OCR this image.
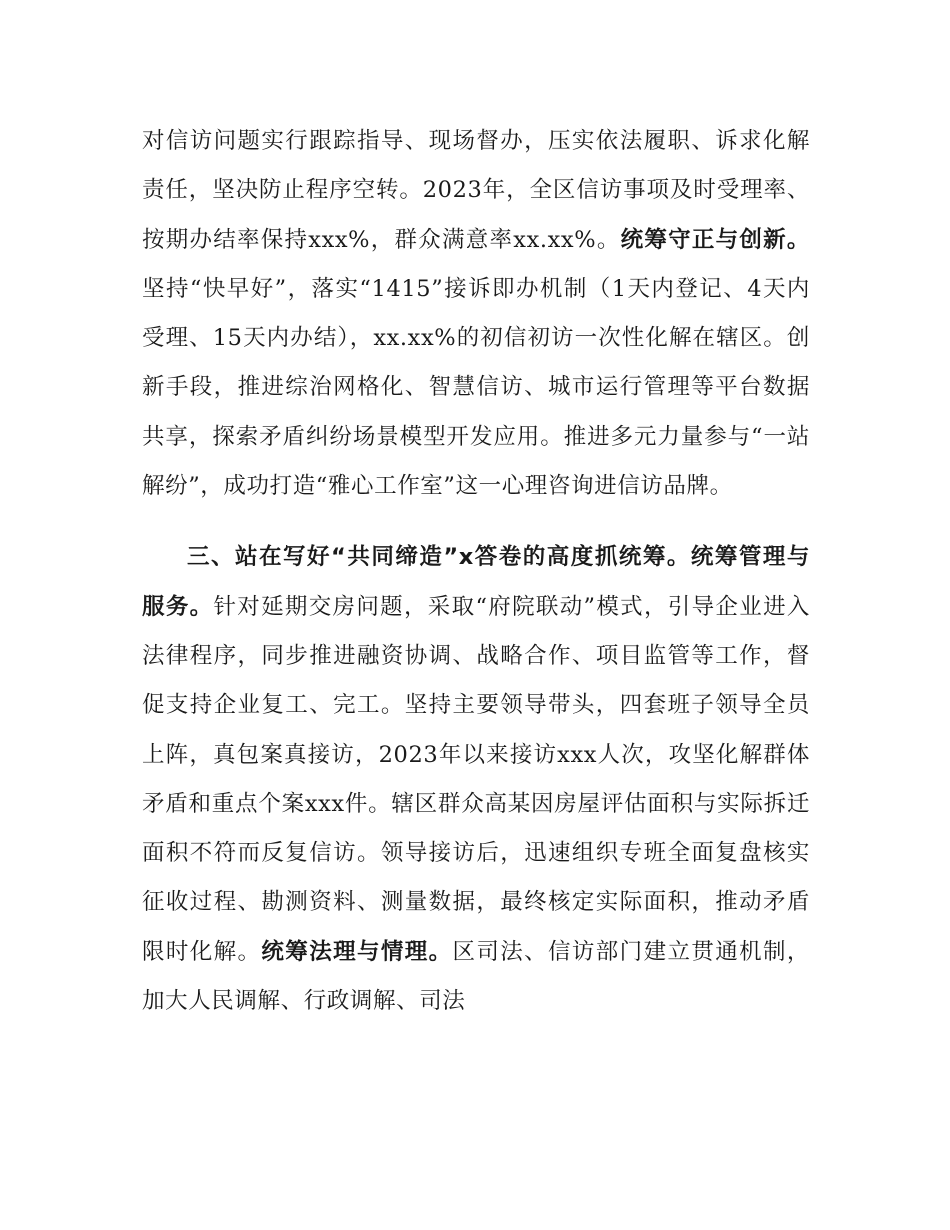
对信访问题实行跟踪指导、现场督办，压实依法履职、诉求化解责任，坚决防止程序空转。2023年，全区信访事项及时受理率、按期办结率保持xxx%，群众满意率xx.xx%。统筹守正与创新。坚持“快早好”，落实“1415”接诉即办机制（1天内登记、4天内受理、15天内办结），xx.xx%的初信初访一次性化解在辖区。创新手段，推进综治网格化、智慧信访、城市运行管理等平台数据共享，探索矛盾纠纷场景模型开发应用。推进多元力量参与“一站解纷”，成功打造“雅心工作室”这一心理咨询进信访品牌。

三、站在写好“共同缔造”x答卷的高度抓统筹。统筹管理与服务。针对延期交房问题，采取“府院联动”模式，引导企业进入法律程序，同步推进融资协调、战略合作、项目监管等工作，督促支持企业复工、完工。坚持主要领导带头，四套班子领导全员上阵，真包案真接访，2023年以来接访xxx人次，攻坚化解群体矛盾和重点个案xxx件。辖区群众高某因房屋评估面积与实际拆迁面积不符而反复信访。领导接访后，迅速组织专班全面复盘核实征收过程、勘测资料、测量数据，最终核定实际面积，推动矛盾限时化解。统筹法理与情理。区司法、信访部门建立贯通机制，加大人民调解、行政调解、司法
